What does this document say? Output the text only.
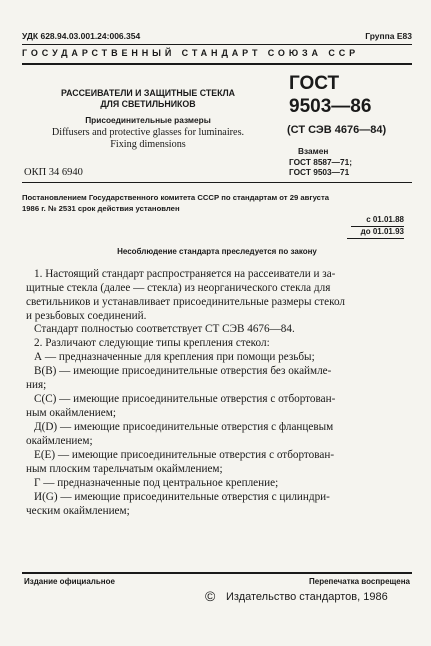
УДК 628.94.03.001.24:006.354	Группа Е83
ГОСУДАРСТВЕННЫЙ СТАНДАРТ СОЮЗА ССР
РАССЕИВАТЕЛИ И ЗАЩИТНЫЕ СТЕКЛА
ДЛЯ СВЕТИЛЬНИКОВ
Присоединительные размеры
Diffusers and protective glasses for luminaires.
Fixing dimensions
ГОСТ
9503—86
(СТ СЭВ 4676—84)
Взамен
ГОСТ 8587—71;
ГОСТ 9503—71
ОКП 34 6940
Постановлением Государственного комитета СССР по стандартам от 29 августа
1986 г. № 2531 срок действия установлен
с 01.01.88
до 01.01.93
Несоблюдение стандарта преследуется по закону
1. Настоящий стандарт распространяется на рассеиватели и за-
щитные стекла (далее — стекла) из неорганического стекла для
светильников и устанавливает присоединительные размеры стекол
и резьбовых соединений.
Стандарт полностью соответствует СТ СЭВ 4676—84.
2. Различают следующие типы крепления стекол:
А — предназначенные для крепления при помощи резьбы;
В(B) — имеющие присоединительные отверстия без окаймле-
ния;
С(C) — имеющие присоединительные отверстия с отбортован-
ным окаймлением;
Д(D) — имеющие присоединительные отверстия с фланцевым
окаймлением;
Е(E) — имеющие присоединительные отверстия с отбортован-
ным плоским тарельчатым окаймлением;
Г — предназначенные под центральное крепление;
И(G) — имеющие присоединительные отверстия с цилиндри-
ческим окаймлением;
Издание официальное	Перепечатка воспрещена
© Издательство стандартов, 1986
